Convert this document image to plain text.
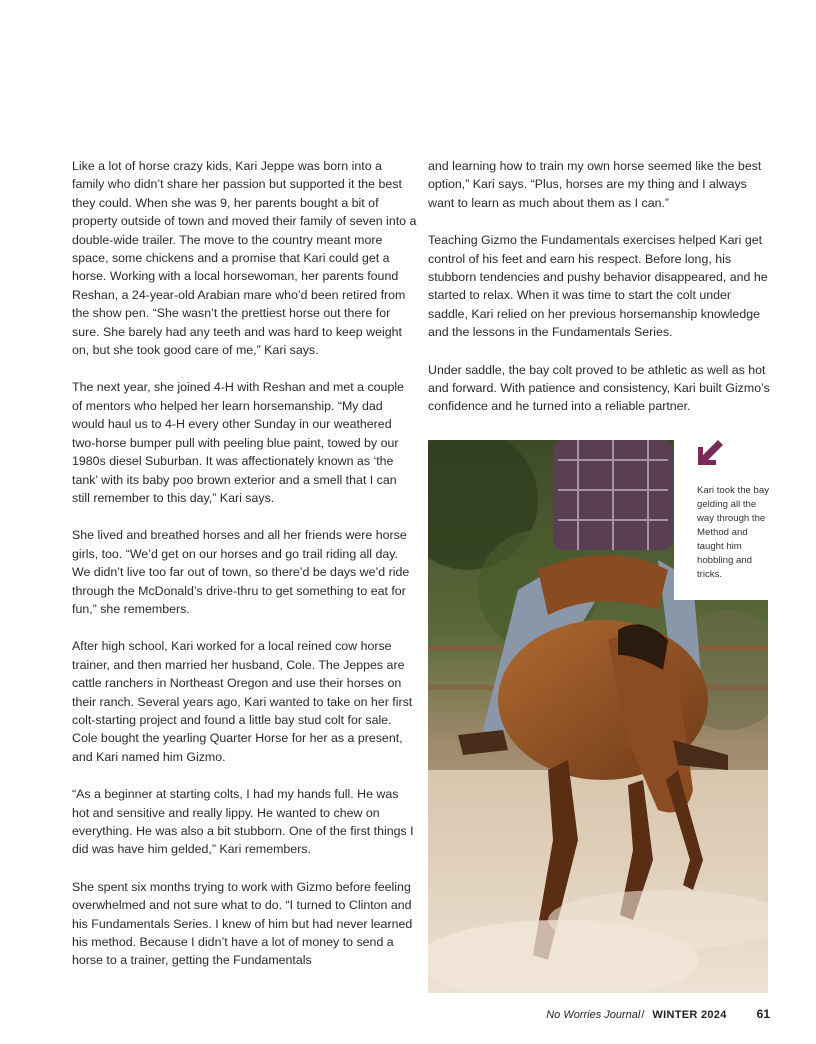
Like a lot of horse crazy kids, Kari Jeppe was born into a family who didn’t share her passion but supported it the best they could. When she was 9, her parents bought a bit of property outside of town and moved their family of seven into a double-wide trailer. The move to the country meant more space, some chickens and a promise that Kari could get a horse. Working with a local horsewoman, her parents found Reshan, a 24-year-old Arabian mare who’d been retired from the show pen. “She wasn’t the prettiest horse out there for sure. She barely had any teeth and was hard to keep weight on, but she took good care of me,” Kari says.

The next year, she joined 4-H with Reshan and met a couple of mentors who helped her learn horsemanship. “My dad would haul us to 4-H every other Sunday in our weathered two-horse bumper pull with peeling blue paint, towed by our 1980s diesel Suburban. It was affectionately known as ‘the tank’ with its baby poo brown exterior and a smell that I can still remember to this day,” Kari says.

She lived and breathed horses and all her friends were horse girls, too. “We’d get on our horses and go trail riding all day. We didn’t live too far out of town, so there’d be days we’d ride through the McDonald’s drive-thru to get something to eat for fun,” she remembers.

After high school, Kari worked for a local reined cow horse trainer, and then married her husband, Cole. The Jeppes are cattle ranchers in Northeast Oregon and use their horses on their ranch. Several years ago, Kari wanted to take on her first colt-starting project and found a little bay stud colt for sale. Cole bought the yearling Quarter Horse for her as a present, and Kari named him Gizmo.

“As a beginner at starting colts, I had my hands full. He was hot and sensitive and really lippy. He wanted to chew on everything. He was also a bit stubborn. One of the first things I did was have him gelded,” Kari remembers.

She spent six months trying to work with Gizmo before feeling overwhelmed and not sure what to do. “I turned to Clinton and his Fundamentals Series. I knew of him but had never learned his method. Because I didn’t have a lot of money to send a horse to a trainer, getting the Fundamentals

and learning how to train my own horse seemed like the best option,” Kari says. “Plus, horses are my thing and I always want to learn as much about them as I can.”

Teaching Gizmo the Fundamentals exercises helped Kari get control of his feet and earn his respect. Before long, his stubborn tendencies and pushy behavior disappeared, and he started to relax. When it was time to start the colt under saddle, Kari relied on her previous horsemanship knowledge and the lessons in the Fundamentals Series.

Under saddle, the bay colt proved to be athletic as well as hot and forward. With patience and consistency, Kari built Gizmo’s confidence and he turned into a reliable partner.

Kari took the bay gelding all the way through the Method and taught him hobbling and tricks.
No Worries Journal / WINTER 2024	61
